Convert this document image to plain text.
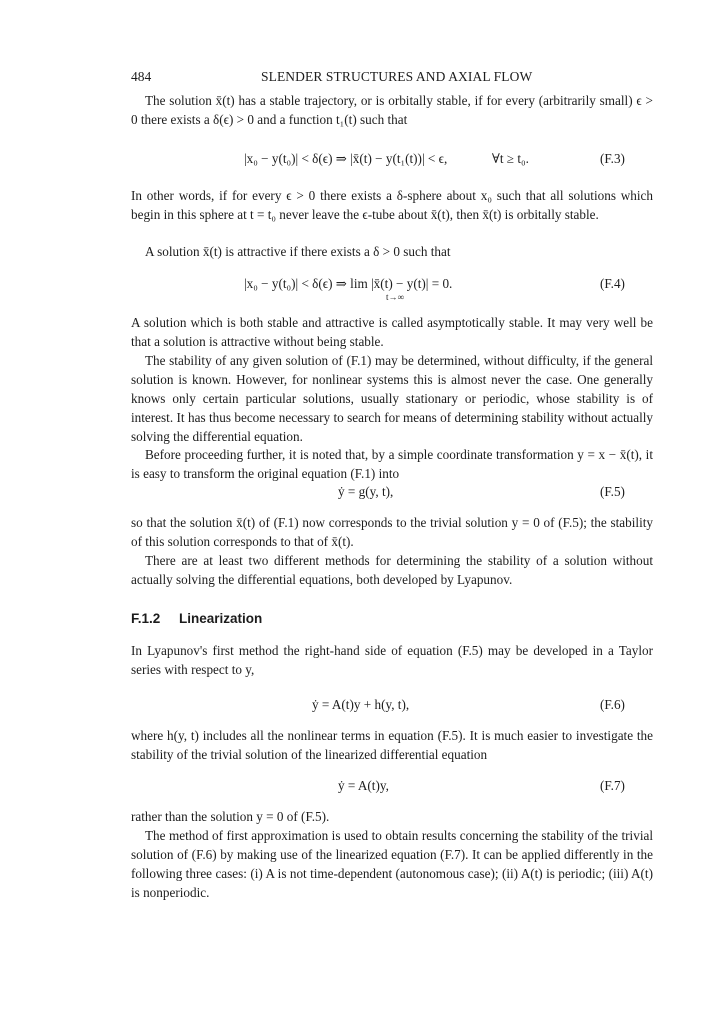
484	SLENDER STRUCTURES AND AXIAL FLOW

The solution x̄(t) has a stable trajectory, or is orbitally stable, if for every (arbitrarily small) ϵ > 0 there exists a δ(ϵ) > 0 and a function t₁(t) such that

|x₀ − y(t₀)| < δ(ϵ) ⇒ |x̄(t) − y(t₁(t))| < ϵ,	∀t ≥ t₀.	(F.3)

In other words, if for every ϵ > 0 there exists a δ-sphere about x₀ such that all solutions which begin in this sphere at t = t₀ never leave the ϵ-tube about x̄(t), then x̄(t) is orbitally stable.

A solution x̄(t) is attractive if there exists a δ > 0 such that

|x₀ − y(t₀)| < δ(ϵ) ⇒ lim |x̄(t) − y(t)| = 0.
t→∞
(F.4)

A solution which is both stable and attractive is called asymptotically stable. It may very well be that a solution is attractive without being stable.

The stability of any given solution of (F.1) may be determined, without difficulty, if the general solution is known. However, for nonlinear systems this is almost never the case. One generally knows only certain particular solutions, usually stationary or periodic, whose stability is of interest. It has thus become necessary to search for means of determining stability without actually solving the differential equation.

Before proceeding further, it is noted that, by a simple coordinate transformation y = x − x̄(t), it is easy to transform the original equation (F.1) into

ẏ = g(y, t),	(F.5)

so that the solution x̄(t) of (F.1) now corresponds to the trivial solution y = 0 of (F.5); the stability of this solution corresponds to that of x̄(t).

There are at least two different methods for determining the stability of a solution without actually solving the differential equations, both developed by Lyapunov.

F.1.2 Linearization

In Lyapunov's first method the right-hand side of equation (F.5) may be developed in a Taylor series with respect to y,

ẏ = A(t)y + h(y, t),	(F.6)

where h(y, t) includes all the nonlinear terms in equation (F.5). It is much easier to investigate the stability of the trivial solution of the linearized differential equation

ẏ = A(t)y,	(F.7)

rather than the solution y = 0 of (F.5).

The method of first approximation is used to obtain results concerning the stability of the trivial solution of (F.6) by making use of the linearized equation (F.7). It can be applied differently in the following three cases: (i) A is not time-dependent (autonomous case); (ii) A(t) is periodic; (iii) A(t) is nonperiodic.
